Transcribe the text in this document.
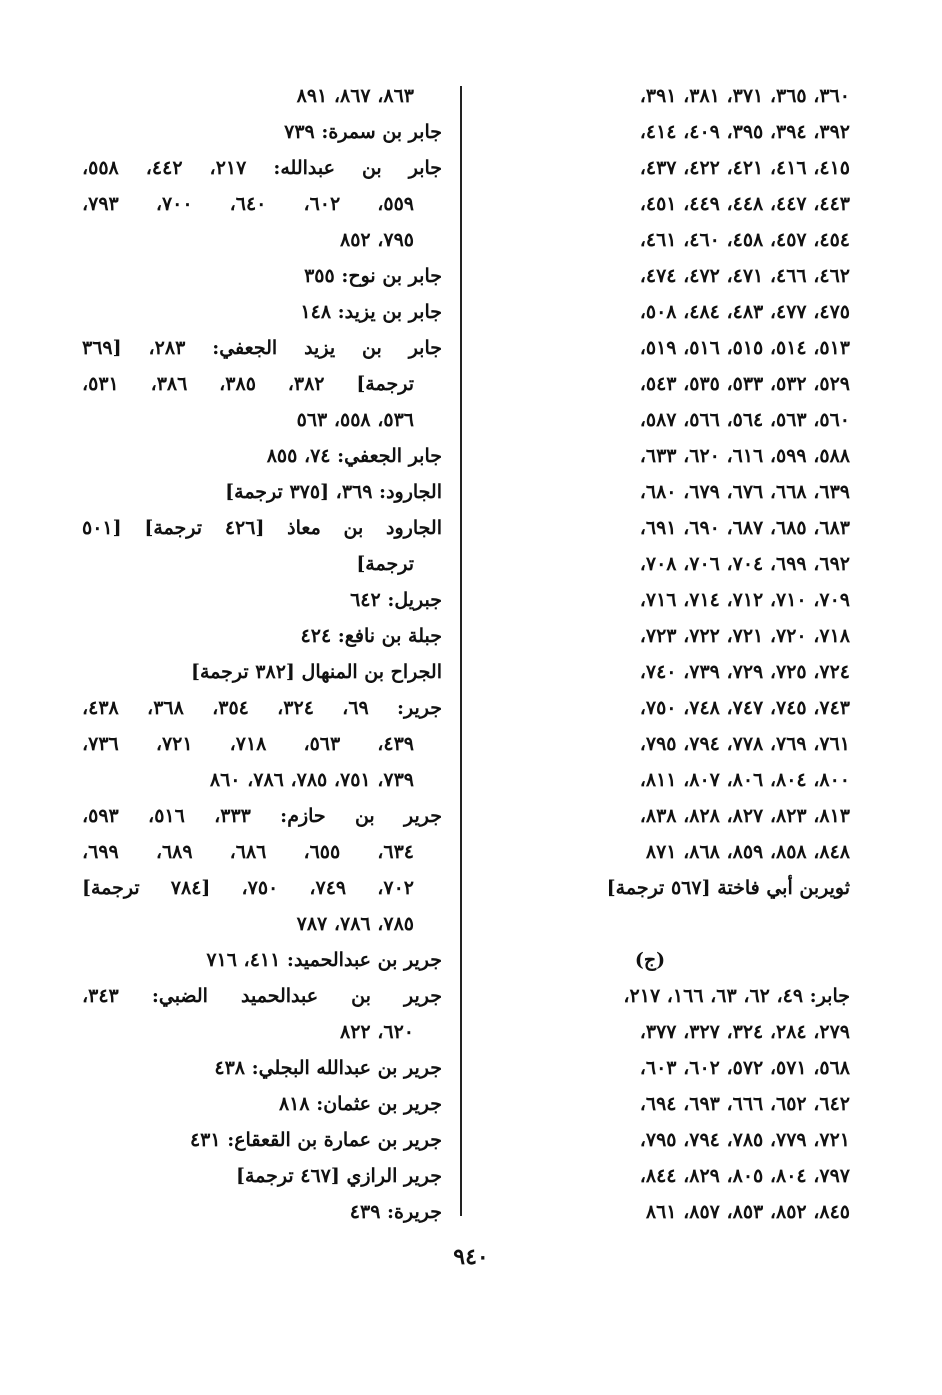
٣٦٠، ٣٦٥، ٣٧١، ٣٨١، ٣٩١،
٣٩٢، ٣٩٤، ٣٩٥، ٤٠٩، ٤١٤،
٤١٥، ٤١٦، ٤٢١، ٤٢٢، ٤٣٧،
٤٤٣، ٤٤٧، ٤٤٨، ٤٤٩، ٤٥١،
٤٥٤، ٤٥٧، ٤٥٨، ٤٦٠، ٤٦١،
٤٦٢، ٤٦٦، ٤٧١، ٤٧٢، ٤٧٤،
٤٧٥، ٤٧٧، ٤٨٣، ٤٨٤، ٥٠٨،
٥١٣، ٥١٤، ٥١٥، ٥١٦، ٥١٩،
٥٢٩، ٥٣٢، ٥٣٣، ٥٣٥، ٥٤٣،
٥٦٠، ٥٦٣، ٥٦٤، ٥٦٦، ٥٨٧،
٥٨٨، ٥٩٩، ٦١٦، ٦٢٠، ٦٣٣،
٦٣٩، ٦٦٨، ٦٧٦، ٦٧٩، ٦٨٠،
٦٨٣، ٦٨٥، ٦٨٧، ٦٩٠، ٦٩١،
٦٩٢، ٦٩٩، ٧٠٤، ٧٠٦، ٧٠٨،
٧٠٩، ٧١٠، ٧١٢، ٧١٤، ٧١٦،
٧١٨، ٧٢٠، ٧٢١، ٧٢٢، ٧٢٣،
٧٢٤، ٧٢٥، ٧٢٩، ٧٣٩، ٧٤٠،
٧٤٣، ٧٤٥، ٧٤٧، ٧٤٨، ٧٥٠،
٧٦١، ٧٦٩، ٧٧٨، ٧٩٤، ٧٩٥،
٨٠٠، ٨٠٤، ٨٠٦، ٨٠٧، ٨١١،
٨١٣، ٨٢٣، ٨٢٧، ٨٢٨، ٨٣٨،
٨٤٨، ٨٥٨، ٨٥٩، ٨٦٨، ٨٧١
ثويربن أبي فاختة [٥٦٧ ترجمة]
(ج)
جابر: ٤٩، ٦٢، ٦٣، ١٦٦، ٢١٧،
٢٧٩، ٢٨٤، ٣٢٤، ٣٢٧، ٣٧٧،
٥٦٨، ٥٧١، ٥٧٢، ٦٠٢، ٦٠٣،
٦٤٢، ٦٥٢، ٦٦٦، ٦٩٣، ٦٩٤،
٧٢١، ٧٧٩، ٧٨٥، ٧٩٤، ٧٩٥،
٧٩٧، ٨٠٤، ٨٠٥، ٨٢٩، ٨٤٤،
٨٤٥، ٨٥٢، ٨٥٣، ٨٥٧، ٨٦١
٨٦٣، ٨٦٧، ٨٩١
جابر بن سمرة: ٧٣٩
جابر بن عبدالله: ٢١٧، ٤٤٢، ٥٥٨،
٥٥٩، ٦٠٢، ٦٤٠، ٧٠٠، ٧٩٣،
٧٩٥، ٨٥٢
جابر بن نوح: ٣٥٥
جابر بن يزيد: ١٤٨
جابر بن يزيد الجعفي: ٢٨٣، [٣٦٩
ترجمة] ٣٨٢، ٣٨٥، ٣٨٦، ٥٣١،
٥٣٦، ٥٥٨، ٥٦٣
جابر الجعفي: ٧٤، ٨٥٥
الجارود: ٣٦٩، [٣٧٥ ترجمة]
الجارود بن معاذ [٤٢٦ ترجمة] [٥٠١
ترجمة]
جبريل: ٦٤٢
جبلة بن نافع: ٤٢٤
الجراح بن المنهال [٣٨٢ ترجمة]
جرير: ٦٩، ٣٢٤، ٣٥٤، ٣٦٨، ٤٣٨،
٤٣٩، ٥٦٣، ٧١٨، ٧٢١، ٧٣٦،
٧٣٩، ٧٥١، ٧٨٥، ٧٨٦، ٨٦٠
جرير بن حازم: ٣٣٣، ٥١٦، ٥٩٣،
٦٣٤، ٦٥٥، ٦٨٦، ٦٨٩، ٦٩٩،
٧٠٢، ٧٤٩، ٧٥٠، [٧٨٤ ترجمة]
٧٨٥، ٧٨٦، ٧٨٧
جرير بن عبدالحميد: ٤١١، ٧١٦
جرير بن عبدالحميد الضبي: ٣٤٣،
٦٢٠، ٨٢٢
جرير بن عبدالله البجلي: ٤٣٨
جرير بن عثمان: ٨١٨
جرير بن عمارة بن القعقاع: ٤٣١
جرير الرازي [٤٦٧ ترجمة]
جريرة: ٤٣٩
٩٤٠
